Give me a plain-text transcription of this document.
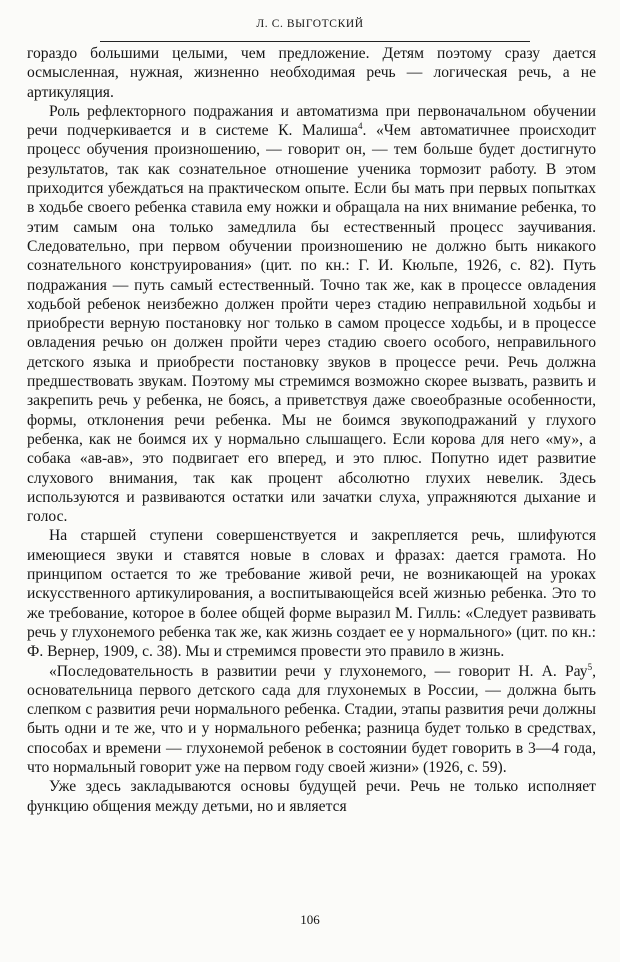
Л. С. ВЫГОТСКИЙ

гораздо большими целыми, чем предложение. Детям поэтому сразу дается осмысленная, нужная, жизненно необходимая речь — логическая речь, а не артикуляция.

Роль рефлекторного подражания и автоматизма при первоначальном обучении речи подчеркивается и в системе К. Малиша$^4$. «Чем автоматичнее происходит процесс обучения произношению, — говорит он, — тем больше будет достигнуто результатов, так как сознательное отношение ученика тормозит работу. В этом приходится убеждаться на практическом опыте. Если бы мать при первых попытках в ходьбе своего ребенка ставила ему ножки и обращала на них внимание ребенка, то этим самым она только замедлила бы естественный процесс заучивания. Следовательно, при первом обучении произношению не должно быть никакого сознательного конструирования» (цит. по кн.: Г. И. Кюльпе, 1926, с. 82). Путь подражания — путь самый естественный. Точно так же, как в процессе овладения ходьбой ребенок неизбежно должен пройти через стадию неправильной ходьбы и приобрести верную постановку ног только в самом процессе ходьбы, и в процессе овладения речью он должен пройти через стадию своего особого, неправильного детского языка и приобрести постановку звуков в процессе речи. Речь должна предшествовать звукам. Поэтому мы стремимся возможно скорее вызвать, развить и закрепить речь у ребенка, не боясь, а приветствуя даже своеобразные особенности, формы, отклонения речи ребенка. Мы не боимся звукоподражаний у глухого ребенка, как не боимся их у нормально слышащего. Если корова для него «му», а собака «ав-ав», это подвигает его вперед, и это плюс. Попутно идет развитие слухового внимания, так как процент абсолютно глухих невелик. Здесь используются и развиваются остатки или зачатки слуха, упражняются дыхание и голос.

На старшей ступени совершенствуется и закрепляется речь, шлифуются имеющиеся звуки и ставятся новые в словах и фразах: дается грамота. Но принципом остается то же требование живой речи, не возникающей на уроках искусственного артикулирования, а воспитывающейся всей жизнью ребенка. Это то же требование, которое в более общей форме выразил М. Гилль: «Следует развивать речь у глухонемого ребенка так же, как жизнь создает ее у нормального» (цит. по кн.: Ф. Вернер, 1909, с. 38). Мы и стремимся провести это правило в жизнь.

«Последовательность в развитии речи у глухонемого, — говорит Н. А. Рау$^5$, основательница первого детского сада для глухонемых в России, — должна быть слепком с развития речи нормального ребенка. Стадии, этапы развития речи должны быть одни и те же, что и у нормального ребенка; разница будет только в средствах, способах и времени — глухонемой ребенок в состоянии будет говорить в 3—4 года, что нормальный говорит уже на первом году своей жизни» (1926, с. 59).

Уже здесь закладываются основы будущей речи. Речь не только исполняет функцию общения между детьми, но и является

106
